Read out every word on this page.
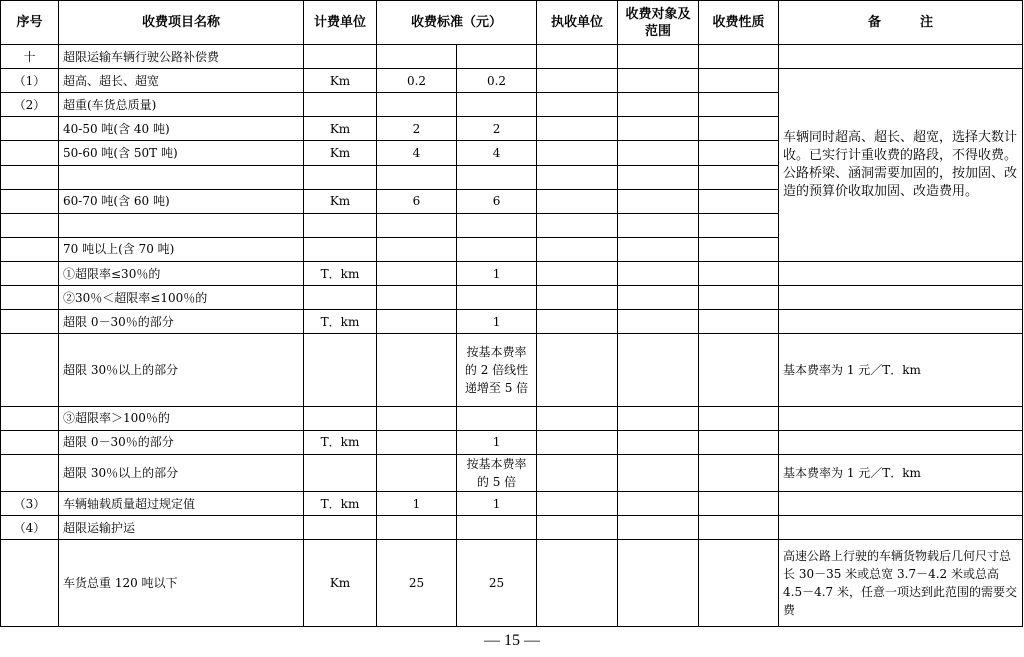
序号	收费项目名称	计费单位	收费标准（元）		执收单位	收费对象及范围	收费性质	备　　　注
十	超限运输车辆行驶公路补偿费							
（1）	超高、超长、超宽	Km	0.2	0.2				车辆同时超高、超长、超宽，选择大数计收。已实行计重收费的路段，不得收费。公路桥梁、涵洞需要加固的，按加固、改造的预算价收取加固、改造费用。
（2）	超重(车货总质量)							
	40-50 吨(含 40 吨)	Km	2	2				
	50-60 吨(含 50T 吨)	Km	4	4				

	60-70 吨(含 60 吨)	Km	6	6				

	70 吨以上(含 70 吨)							
	①超限率≤30％的	T．km		1				
	②30％＜超限率≤100％的							
	超限 0－30％的部分	T．km		1				
	超限 30％以上的部分			按基本费率的 2 倍线性递增至 5 倍				基本费率为 1 元／T．km
	③超限率＞100％的							
	超限 0－30％的部分	T．km		1				
	超限 30％以上的部分			按基本费率的 5 倍				基本费率为 1 元／T．km
（3）	车辆轴载质量超过规定值	T．km	1	1				
（4）	超限运输护运							
	车货总重 120 吨以下	Km	25	25				高速公路上行驶的车辆货物载后几何尺寸总长 30－35 米或总宽 3.7－4.2 米或总高 4.5－4.7 米，任意一项达到此范围的需要交费
— 15 —
